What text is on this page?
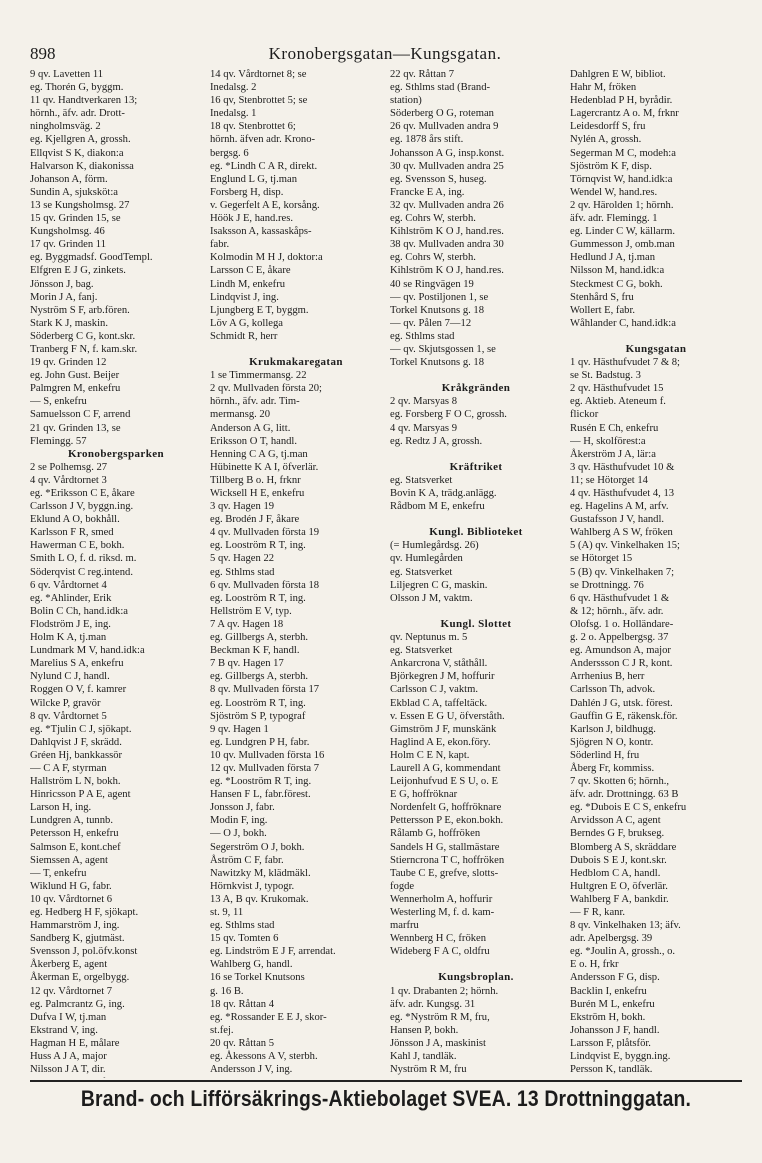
898	Kronobergsgatan—Kungsgatan.
9 qv. Lavetten 11
eg. Thorén G, byggm.
11 qv. Handtverkaren 13;
hörnh., äfv. adr. Drott-
ningholmsväg. 2
eg. Kjellgren A, grossh.
Ellqvist S K, diakon:a
Halvarson K, diakonissa
Johanson A, förm.
Sundin A, sjuksköt:a
13 se Kungsholmsg. 27
15 qv. Grinden 15, se
Kungsholmsg. 46
17 qv. Grinden 11
eg. Byggmadsf. GoodTempl.
Elfgren E J G, zinkets.
Jönsson J, bag.
Morin J A, fanj.
Nyström S F, arb.fören.
Stark K J, maskin.
Söderberg C G, kont.skr.
Tranberg F N, f. kam.skr.
19 qv. Grinden 12
eg. John Gust. Beijer
Palmgren M, enkefru
— S, enkefru
Samuelsson C F, arrend
21 qv. Grinden 13, se
Flemingg. 57
Kronobergsparken
2 se Polhemsg. 27
4 qv. Vårdtornet 3
eg. *Eriksson C E, åkare
Carlsson J V, byggn.ing.
Eklund A O, bokhåll.
Karlsson F R, smed
Hawerman C E, bokh.
Smith L O, f. d. riksd. m.
Söderqvist C reg.intend.
6 qv. Vårdtornet 4
eg. *Ahlinder, Erik
Bolin C Ch, hand.idk:a
Flodström J E, ing.
Holm K A, tj.man
Lundmark M V, hand.idk:a
Marelius S A, enkefru
Nylund C J, handl.
Roggen O V, f. kamrer
Wilcke P, gravör
8 qv. Vårdtornet 5
eg. *Tjulin C J, sjökapt.
Dahlqvist J F, skrädd.
Gréen Hj, bankkassör
— C A F, styrman
Hallström L N, bokh.
Hinricsson P A E, agent
Larson H, ing.
Lundgren A, tunnb.
Petersson H, enkefru
Salmson E, kont.chef
Siemssen A, agent
— T, enkefru
Wiklund H G, fabr.
10 qv. Vårdtornet 6
eg. Hedberg H F, sjökapt.
Hammarström J, ing.
Sandberg K, gjutmäst.
Svensson J, pol.öfv.konst
Åkerberg E, agent
Åkerman E, orgelbygg.
12 qv. Vårdtornet 7
eg. Palmcrantz G, ing.
Dufva I W, tj.man
Ekstrand V, ing.
Hagman H E, målare
Huss A J A, major
Nilsson J A T, dir.
14 qv. Vårdtornet 8; se
Inedalsg. 2
16 qv, Stenbrottet 5; se
Inedalsg. 1
18 qv. Stenbrottet 6;
hörnh. äfven adr. Krono-
bergsg. 6
eg. *Lindh C A R, direkt.
Englund L G, tj.man
Forsberg H, disp.
v. Gegerfelt A E, korsång.
Höök J E, hand.res.
Isaksson A, kassaskåps-
fabr.
Kolmodin M H J, doktor:a
Larsson C E, åkare
Lindh M, enkefru
Lindqvist J, ing.
Ljungberg E T, byggm.
Löv A G, kollega
Schmidt R, herr

Krukmakaregatan
1 se Timmermansg. 22
2 qv. Mullvaden första 20;
hörnh., äfv. adr. Tim-
mermansg. 20
Anderson A G, litt.
Eriksson O T, handl.
Henning C A G, tj.man
Hübinette K A I, öfverlär.
Tillberg B o. H, frknr
Wicksell H E, enkefru
3 qv. Hagen 19
eg. Brodén J F, åkare
4 qv. Mullvaden första 19
eg. Looström R T, ing.
5 qv. Hagen 22
eg. Sthlms stad
6 qv. Mullvaden första 18
eg. Looström R T, ing.
Hellström E V, typ.
7 A qv. Hagen 18
eg. Gillbergs A, sterbh.
Beckman K F, handl.
7 B qv. Hagen 17
eg. Gillbergs A, sterbh.
8 qv. Mullvaden första 17
eg. Looström R T, ing.
Sjöström S P, typograf
9 qv. Hagen 1
eg. Lundgren P H, fabr.
10 qv. Mullvaden första 16
12 qv. Mullvaden första 7
eg. *Looström R T, ing.
Hansen F L, fabr.förest.
Jonsson J, fabr.
Modin F, ing.
— O J, bokh.
Segerström O J, bokh.
Åström C F, fabr.
Nawitzky M, klädmäkl.
Hörnkvist J, typogr.
13 A, B qv. Krukomak.
st. 9, 11
eg. Sthlms stad
15 qv. Tomten 6
eg. Lindström E J F, arrendat.
Wahlberg G, handl.
16 se Torkel Knutsons
g. 16 B.
18 qv. Råttan 4
eg. *Rossander E E J, skor-
st.fej.
20 qv. Råttan 5
eg. Åkessons A V, sterbh.
Andersson J V, ing.
22 qv. Råttan 7
eg. Sthlms stad (Brand-
station)
Söderberg O G, roteman
26 qv. Mullvaden andra 9
eg. 1878 års stift.
Johansson A G, insp.konst.
30 qv. Mullvaden andra 25
eg. Svensson S, huseg.
Francke E A, ing.
32 qv. Mullvaden andra 26
eg. Cohrs W, sterbh.
Kihlström K O J, hand.res.
38 qv. Mullvaden andra 30
eg. Cohrs W, sterbh.
Kihlström K O J, hand.res.
40 se Ringvägen 19
— qv. Postiljonen 1, se
Torkel Knutsons g. 18
— qv. Pålen 7—12
eg. Sthlms stad
— qv. Skjutsgossen 1, se
Torkel Knutsons g. 18

Kråkgränden
2 qv. Marsyas 8
eg. Forsberg F O C, grossh.
4 qv. Marsyas 9
eg. Redtz J A, grossh.

Kräftriket
eg. Statsverket
Bovin K A, trädg.anlägg.
Rådbom M E, enkefru

Kungl. Biblioteket
(= Humlegårdsg. 26)
qv. Humlegården
eg. Statsverket
Liljegren C G, maskin.
Olsson J M, vaktm.

Kungl. Slottet
qv. Neptunus m. 5
eg. Statsverket
Ankarcrona V, ståthåll.
Björkegren J M, hoffurir
Carlsson C J, vaktm.
Ekblad C A, taffeltäck.
v. Essen E G U, öfverståth.
Gimström J F, munskänk
Haglind A E, ekon.föry.
Holm C E N, kapt.
Laurell A G, kommendant
Leijonhufvud E S U, o. E
E G, hoffröknar
Nordenfelt G, hoffröknare
Pettersson P E, ekon.bokh.
Rålamb G, hoffröken
Sandels H G, stallmästare
Stierncrona T C, hoffröken
Taube C E, grefve, slotts-
fogde
Wennerholm A, hoffurir
Westerling M, f. d. kam-
marfru
Wennberg H C, fröken
Wideberg F A C, oldfru

Kungsbroplan.
1 qv. Drabanten 2; hörnh.
äfv. adr. Kungsg. 31
eg. *Nyström R M, fru,
Hansen P, bokh.
Jönsson J A, maskinist
Kahl J, tandläk.
Nyström R M, fru

Dahlgren E W, bibliot.
Hahr M, fröken
Hedenblad P H, byrådir.
Lagercrantz A o. M, frknr
Leidesdorff S, fru
Nylén A, grossh.
Segerman M C, modeh:a
Sjöström K F, disp.
Törnqvist W, hand.idk:a
Wendel W, hand.res.
2 qv. Härolden 1; hörnh.
äfv. adr. Flemingg. 1
eg. Linder C W, källarm.
Gummesson J, omb.man
Hedlund J A, tj.man
Nilsson M, hand.idk:a
Steckmest C G, bokh.
Stenhård S, fru
Wollert E, fabr.
Wåhlander C, hand.idk:a

Kungsgatan
1 qv. Hästhufvudet 7 & 8;
se St. Badstug. 3
2 qv. Hästhufvudet 15
eg. Aktieb. Ateneum f.
flickor
Rusén E Ch, enkefru
— H, skolförest:a
Åkerström J A, lär:a
3 qv. Hästhufvudet 10 &
11; se Hötorget 14
4 qv. Hästhufvudet 4, 13
eg. Hagelins A M, arfv.
Gustafsson J V, handl.
Wahlberg A S W, fröken
5 (A) qv. Vinkelhaken 15;
se Hötorget 15
5 (B) qv. Vinkelhaken 7;
se Drottningg. 76
6 qv. Hästhufvudet 1 &
& 12; hörnh., äfv. adr.
Olofsg. 1 o. Holländare-
g. 2 o. Appelbergsg. 37
eg. Amundson A, major
Anderssson C J R, kont.
Arrhenius B, herr
Carlsson Th, advok.
Dahlén J G, utsk. förest.
Gauffin G E, räkensk.för.
Karlson J, bildhugg.
Sjögren N O, kontr.
Söderlind H, fru
Åberg Fr, kommiss.
7 qv. Skotten 6; hörnh.,
äfv. adr. Drottningg. 63 B
eg. *Dubois E C S, enkefru
Arvidsson A C, agent
Berndes G F, brukseg.
Blomberg A S, skräddare
Dubois S E J, kont.skr.
Hedblom C A, handl.
Hultgren E O, öfverlär.
Wahlberg F A, bankdir.
— F R, kanr.
8 qv. Vinkelhaken 13; äfv.
adr. Apelbergsg. 39
eg. *Joulin A, grossh., o.
E o. H, frkr
Andersson F G, disp.
Backlin I, enkefru
Burén M L, enkefru
Ekström H, bokh.
Johansson J F, handl.
Larsson F, plåtsför.
Lindqvist E, byggn.ing.
Persson K, tandläk.
Brand- och Lifförsäkrings-Aktiebolaget SVEA. 13 Drottninggatan.
